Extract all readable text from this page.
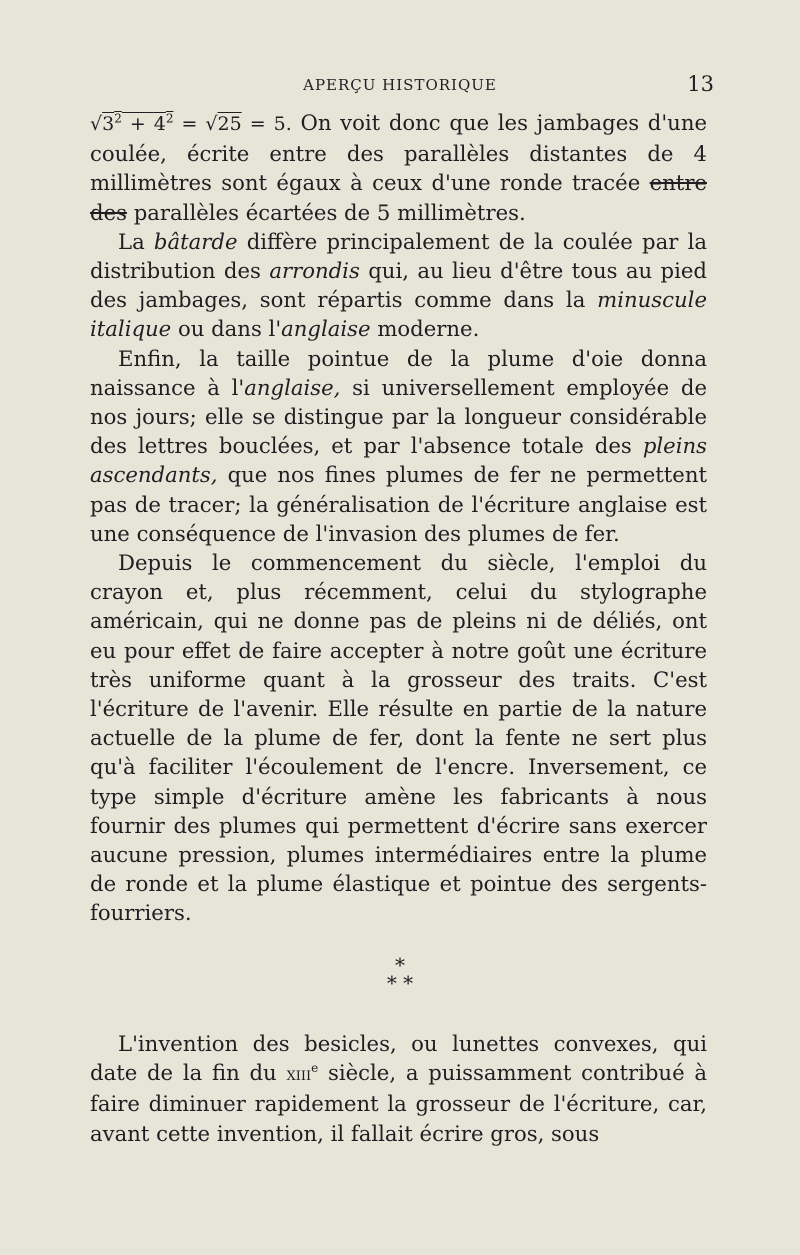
APERÇU HISTORIQUE	13

$√3^2 + 4^2 = √25 = 5$. On voit donc que les jambages d'une coulée, écrite entre des parallèles distantes de 4 millimètres sont égaux à ceux d'une ronde tracée entre des parallèles écartées de 5 millimètres.

La bâtarde diffère principalement de la coulée par la distribution des arrondis qui, au lieu d'être tous au pied des jambages, sont répartis comme dans la minuscule italique ou dans l'anglaise moderne.

Enfin, la taille pointue de la plume d'oie donna naissance à l'anglaise, si universellement employée de nos jours; elle se distingue par la longueur considérable des lettres bouclées, et par l'absence totale des pleins ascendants, que nos fines plumes de fer ne permettent pas de tracer; la généralisation de l'écriture anglaise est une conséquence de l'invasion des plumes de fer.

Depuis le commencement du siècle, l'emploi du crayon et, plus récemment, celui du stylographe américain, qui ne donne pas de pleins ni de déliés, ont eu pour effet de faire accepter à notre goût une écriture très uniforme quant à la grosseur des traits. C'est l'écriture de l'avenir. Elle résulte en partie de la nature actuelle de la plume de fer, dont la fente ne sert plus qu'à faciliter l'écoulement de l'encre. Inversement, ce type simple d'écriture amène les fabricants à nous fournir des plumes qui permettent d'écrire sans exercer aucune pression, plumes intermédiaires entre la plume de ronde et la plume élastique et pointue des sergents-fourriers.

*
* *

L'invention des besicles, ou lunettes convexes, qui date de la fin du xiii$^e$ siècle, a puissamment contribué à faire diminuer rapidement la grosseur de l'écriture, car, avant cette invention, il fallait écrire gros, sous
